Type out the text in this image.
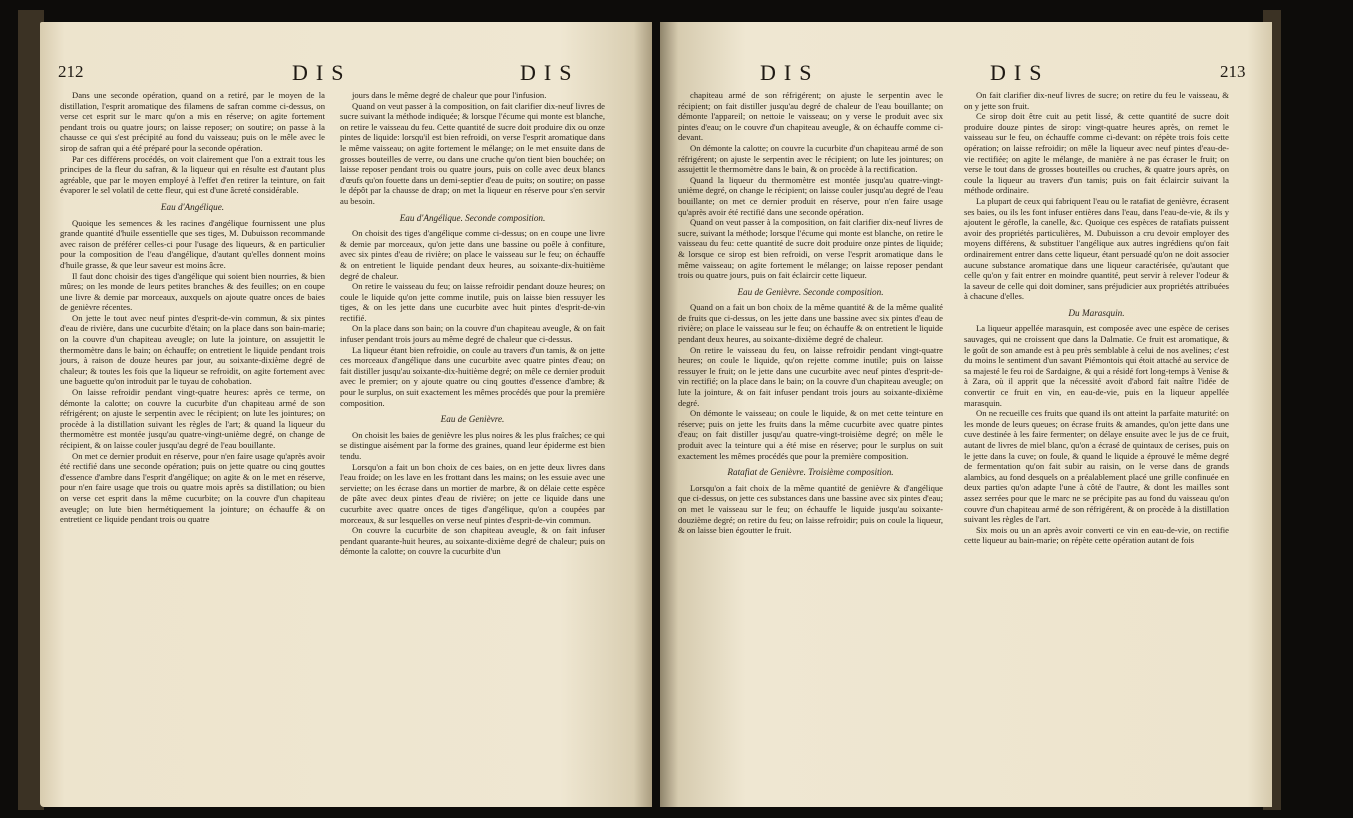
212	DIS	DIS

Dans une seconde opération, quand on a retiré, par le moyen de la distillation, l'esprit aromatique des filamens de safran comme ci-dessus, on verse cet esprit sur le marc qu'on a mis en réserve; on agite fortement pendant trois ou quatre jours; on laisse reposer; on soutire; on passe à la chausse ce qui s'est précipité au fond du vaisseau; puis on le mêle avec le sirop de safran qui a été préparé pour la seconde opération.

Par ces différens procédés, on voit clairement que l'on a extrait tous les principes de la fleur du safran, & la liqueur qui en résulte est d'autant plus agréable, que par le moyen employé à l'effet d'en retirer la teinture, on fait évaporer le sel volatil de cette fleur, qui est d'une âcreté considérable.

Eau d'Angélique.

Quoique les semences & les racines d'angélique fournissent une plus grande quantité d'huile essentielle que ses tiges, M. Dubuisson recommande avec raison de préférer celles-ci pour l'usage des liqueurs, & en particulier pour la composition de l'eau d'angélique, d'autant qu'elles donnent moins d'huile grasse, & que leur saveur est moins âcre.

Il faut donc choisir des tiges d'angélique qui soient bien nourries, & bien mûres; on les monde de leurs petites branches & des feuilles; on en coupe une livre & demie par morceaux, auxquels on ajoute quatre onces de baies de genièvre récentes.

On jette le tout avec neuf pintes d'esprit-de-vin commun, & six pintes d'eau de rivière, dans une cucurbite d'étain; on la place dans son bain-marie; on la couvre d'un chapiteau aveugle; on lute la jointure, on assujettit le thermomètre dans le bain; on échauffe; on entretient le liquide pendant trois jours, à raison de douze heures par jour, au soixante-dixième degré de chaleur; & toutes les fois que la liqueur se refroidit, on agite fortement avec une baguette qu'on introduit par le tuyau de cohobation.

On laisse refroidir pendant vingt-quatre heures: après ce terme, on démonte la calotte; on couvre la cucurbite d'un chapiteau armé de son réfrigérent; on ajuste le serpentin avec le récipient; on lute les jointures; on procède à la distillation suivant les règles de l'art; & quand la liqueur du thermomètre est montée jusqu'au quatre-vingt-unième degré, on change de récipient, & on laisse couler jusqu'au degré de l'eau bouillante.

On met ce dernier produit en réserve, pour n'en faire usage qu'après avoir été rectifié dans une seconde opération; puis on jette quatre ou cinq gouttes d'essence d'ambre dans l'esprit d'angélique; on agite & on le met en réserve, pour n'en faire usage que trois ou quatre mois après sa distillation; ou bien on verse cet esprit dans la même cucurbite; on la couvre d'un chapiteau aveugle; on lute bien hermétiquement la jointure; on échauffe & on entretient ce liquide pendant trois ou quatre

jours dans le même degré de chaleur que pour l'infusion.

Quand on veut passer à la composition, on fait clarifier dix-neuf livres de sucre suivant la méthode indiquée; & lorsque l'écume qui monte est blanche, on retire le vaisseau du feu. Cette quantité de sucre doit produire dix ou onze pintes de liquide: lorsqu'il est bien refroidi, on verse l'esprit aromatique dans le même vaisseau; on agite fortement le mélange; on le met ensuite dans de grosses bouteilles de verre, ou dans une cruche qu'on tient bien bouchée; on laisse reposer pendant trois ou quatre jours, puis on colle avec deux blancs d'œufs qu'on fouette dans un demi-septier d'eau de puits; on soutire; on passe le dépôt par la chausse de drap; on met la liqueur en réserve pour s'en servir au besoin.

Eau d'Angélique. Seconde composition.

On choisit des tiges d'angélique comme ci-dessus; on en coupe une livre & demie par morceaux, qu'on jette dans une bassine ou poêle à confiture, avec six pintes d'eau de rivière; on place le vaisseau sur le feu; on échauffe & on entretient le liquide pendant deux heures, au soixante-dix-huitième degré de chaleur.

On retire le vaisseau du feu; on laisse refroidir pendant douze heures; on coule le liquide qu'on jette comme inutile, puis on laisse bien ressuyer les tiges, & on les jette dans une cucurbite avec huit pintes d'esprit-de-vin rectifié.

On la place dans son bain; on la couvre d'un chapiteau aveugle, & on fait infuser pendant trois jours au même degré de chaleur que ci-dessus.

La liqueur étant bien refroidie, on coule au travers d'un tamis, & on jette ces morceaux d'angélique dans une cucurbite avec quatre pintes d'eau; on fait distiller jusqu'au soixante-dix-huitième degré; on mêle ce dernier produit avec le premier; on y ajoute quatre ou cinq gouttes d'essence d'ambre; & pour le surplus, on suit exactement les mêmes procédés que pour la première composition.

Eau de Genièvre.

On choisit les baies de genièvre les plus noires & les plus fraîches; ce qui se distingue aisément par la forme des graines, quand leur épiderme est bien tendu.

Lorsqu'on a fait un bon choix de ces baies, on en jette deux livres dans l'eau froide; on les lave en les frottant dans les mains; on les essuie avec une serviette; on les écrase dans un mortier de marbre, & on délaie cette espèce de pâte avec deux pintes d'eau de rivière; on jette ce liquide dans une cucurbite avec quatre onces de tiges d'angélique, qu'on a coupées par morceaux, & sur lesquelles on verse neuf pintes d'esprit-de-vin commun.

On couvre la cucurbite de son chapiteau aveugle, & on fait infuser pendant quarante-huit heures, au soixante-dixième degré de chaleur; puis on démonte la calotte; on couvre la cucurbite d'un

DIS	DIS	213

chapiteau armé de son réfrigérent; on ajuste le serpentin avec le récipient; on fait distiller jusqu'au degré de chaleur de l'eau bouillante; on démonte l'appareil; on nettoie le vaisseau; on y verse le produit avec six pintes d'eau; on le couvre d'un chapiteau aveugle, & on échauffe comme ci-devant.

On démonte la calotte; on couvre la cucurbite d'un chapiteau armé de son réfrigérent; on ajuste le serpentin avec le récipient; on lute les jointures; on assujettit le thermomètre dans le bain, & on procède à la rectification.

Quand la liqueur du thermomètre est montée jusqu'au quatre-vingt-unième degré, on change le récipient; on laisse couler jusqu'au degré de l'eau bouillante; on met ce dernier produit en réserve, pour n'en faire usage qu'après avoir été rectifié dans une seconde opération.

Quand on veut passer à la composition, on fait clarifier dix-neuf livres de sucre, suivant la méthode; lorsque l'écume qui monte est blanche, on retire le vaisseau du feu: cette quantité de sucre doit produire onze pintes de liquide; & lorsque ce sirop est bien refroidi, on verse l'esprit aromatique dans le même vaisseau; on agite fortement le mélange; on laisse reposer pendant trois ou quatre jours, puis on fait éclaircir cette liqueur.

Eau de Genièvre. Seconde composition.

Quand on a fait un bon choix de la même quantité & de la même qualité de fruits que ci-dessus, on les jette dans une bassine avec six pintes d'eau de rivière; on place le vaisseau sur le feu; on échauffe & on entretient le liquide pendant deux heures, au soixante-dixième degré de chaleur.

On retire le vaisseau du feu, on laisse refroidir pendant vingt-quatre heures; on coule le liquide, qu'on rejette comme inutile; puis on laisse ressuyer le fruit; on le jette dans une cucurbite avec neuf pintes d'esprit-de-vin rectifié; on la place dans le bain; on la couvre d'un chapiteau aveugle; on lute la jointure, & on fait infuser pendant trois jours au soixante-dixième degré.

On démonte le vaisseau; on coule le liquide, & on met cette teinture en réserve; puis on jette les fruits dans la même cucurbite avec quatre pintes d'eau; on fait distiller jusqu'au quatre-vingt-troisième degré; on mêle le produit avec la teinture qui a été mise en réserve; pour le surplus on suit exactement les mêmes procédés que pour la première composition.

Ratafiat de Genièvre. Troisième composition.

Lorsqu'on a fait choix de la même quantité de genièvre & d'angélique que ci-dessus, on jette ces substances dans une bassine avec six pintes d'eau; on met le vaisseau sur le feu; on échauffe le liquide jusqu'au soixante-douzième degré; on retire du feu; on laisse refroidir; puis on coule la liqueur, & on laisse bien égoutter le fruit.

On fait clarifier dix-neuf livres de sucre; on retire du feu le vaisseau, & on y jette son fruit.

Ce sirop doit être cuit au petit lissé, & cette quantité de sucre doit produire douze pintes de sirop: vingt-quatre heures après, on remet le vaisseau sur le feu, on échauffe comme ci-devant: on répète trois fois cette opération; on laisse refroidir; on mêle la liqueur avec neuf pintes d'eau-de-vie rectifiée; on agite le mélange, de manière à ne pas écraser le fruit; on verse le tout dans de grosses bouteilles ou cruches, & quatre jours après, on coule la liqueur au travers d'un tamis; puis on fait éclaircir suivant la méthode ordinaire.

La plupart de ceux qui fabriquent l'eau ou le ratafiat de genièvre, écrasent ses baies, ou ils les font infuser entières dans l'eau, dans l'eau-de-vie, & ils y ajoutent le gérofle, la canelle, &c. Quoique ces espèces de ratafiats puissent avoir des propriétés particulières, M. Dubuisson a cru devoir employer des moyens différens, & substituer l'angélique aux autres ingrédiens qu'on fait ordinairement entrer dans cette liqueur, étant persuadé qu'on ne doit associer aucune substance aromatique dans une liqueur caractérisée, qu'autant que celle qu'on y fait entrer en moindre quantité, peut servir à relever l'odeur & la saveur de celle qui doit dominer, sans préjudicier aux propriétés attribuées à chacune d'elles.

Du Marasquin.

La liqueur appellée marasquin, est composée avec une espèce de cerises sauvages, qui ne croissent que dans la Dalmatie. Ce fruit est aromatique, & le goût de son amande est à peu près semblable à celui de nos avelines; c'est du moins le sentiment d'un savant Piémontois qui étoit attaché au service de sa majesté le feu roi de Sardaigne, & qui a résidé fort long-temps à Venise & à Zara, où il apprit que la nécessité avoit d'abord fait naître l'idée de convertir ce fruit en vin, en eau-de-vie, puis en la liqueur appellée marasquin.

On ne recueille ces fruits que quand ils ont atteint la parfaite maturité: on les monde de leurs queues; on écrase fruits & amandes, qu'on jette dans une cuve destinée à les faire fermenter; on délaye ensuite avec le jus de ce fruit, autant de livres de miel blanc, qu'on a écrasé de quintaux de cerises, puis on le jette dans la cuve; on foule, & quand le liquide a éprouvé le même degré de fermentation qu'on fait subir au raisin, on le verse dans de grands alambics, au fond desquels on a préalablement placé une grille confinuée en deux parties qu'on adapte l'une à côté de l'autre, & dont les mailles sont assez serrées pour que le marc ne se précipite pas au fond du vaisseau qu'on couvre d'un chapiteau armé de son réfrigérent, & on procède à la distillation suivant les règles de l'art.

Six mois ou un an après avoir converti ce vin en eau-de-vie, on rectifie cette liqueur au bain-marie; on répète cette opération autant de fois
